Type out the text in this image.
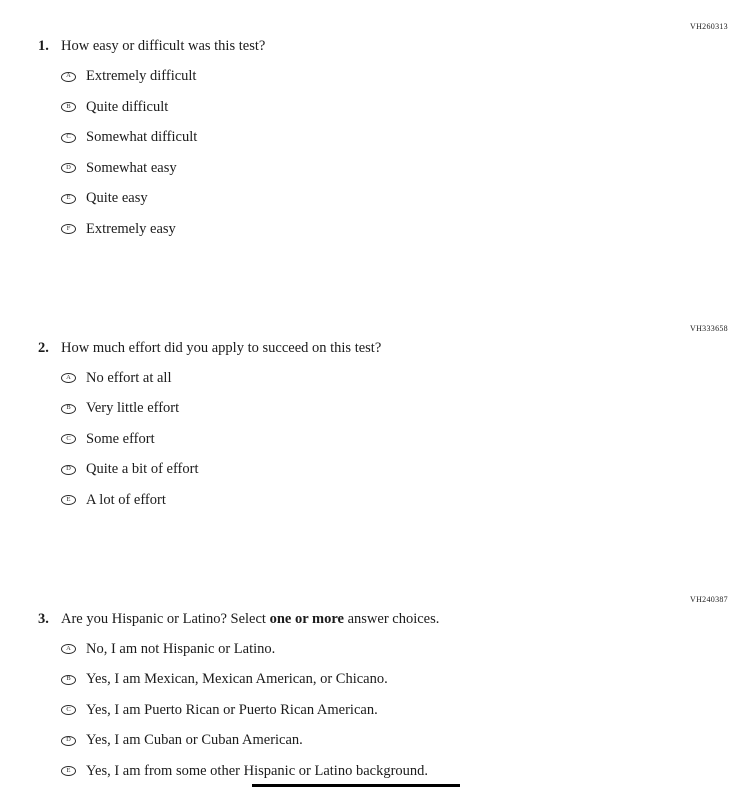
VH260313
1. How easy or difficult was this test?
A	Extremely difficult
B	Quite difficult
C	Somewhat difficult
D	Somewhat easy
E	Quite easy
F	Extremely easy
VH333658
2. How much effort did you apply to succeed on this test?
A	No effort at all
B	Very little effort
C	Some effort
D	Quite a bit of effort
E	A lot of effort
VH240387
3. Are you Hispanic or Latino? Select one or more answer choices.
A	No, I am not Hispanic or Latino.
B	Yes, I am Mexican, Mexican American, or Chicano.
C	Yes, I am Puerto Rican or Puerto Rican American.
D	Yes, I am Cuban or Cuban American.
E	Yes, I am from some other Hispanic or Latino background.
